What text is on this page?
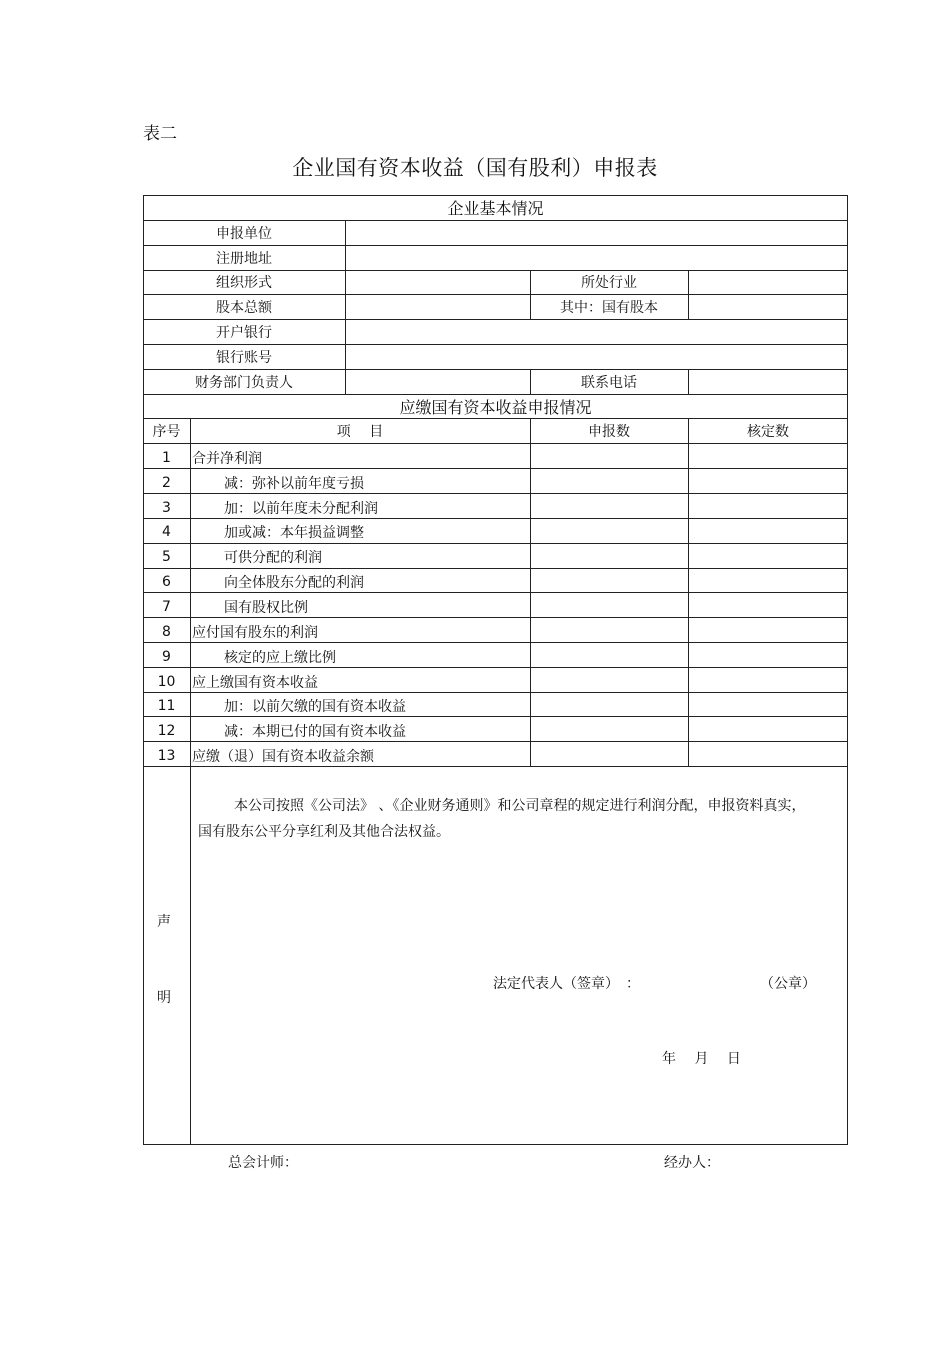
表二
企业国有资本收益（国有股利）申报表
企业基本情况
申报单位
注册地址
组织形式	所处行业
股本总额	其中：国有股本
开户银行
银行账号
财务部门负责人	联系电话
应缴国有资本收益申报情况
序号	项　 目	申报数	核定数
1	合并净利润
2	减：弥补以前年度亏损
3	加：以前年度未分配利润
4	加或减：本年损益调整
5	可供分配的利润
6	向全体股东分配的利润
7	国有股权比例
8	应付国有股东的利润
9	核定的应上缴比例
10	应上缴国有资本收益
11	加：以前欠缴的国有资本收益
12	减：本期已付的国有资本收益
13	应缴（退）国有资本收益余额
声
明
本公司按照《公司法》 、《企业财务通则》和公司章程的规定进行利润分配，申报资料真实，国有股东公平分享红利及其他合法权益。
法定代表人（签章）　：	（公章）
年　 月　 日
总会计师：	经办人：
